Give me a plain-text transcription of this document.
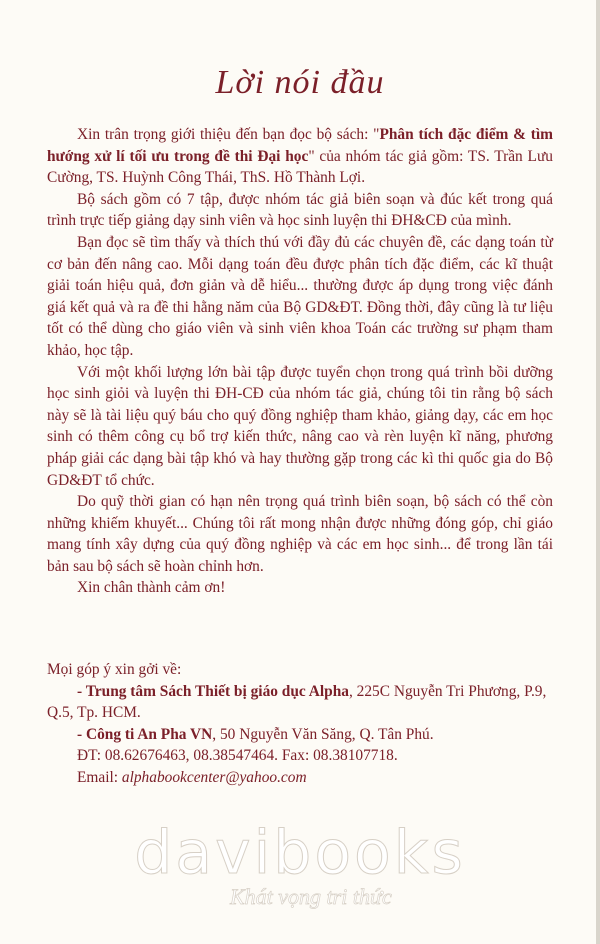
Lời nói đầu

Xin trân trọng giới thiệu đến bạn đọc bộ sách: "Phân tích đặc điểm & tìm hướng xử lí tối ưu trong đề thi Đại học" của nhóm tác giả gồm: TS. Trần Lưu Cường, TS. Huỳnh Công Thái, ThS. Hồ Thành Lợi.

Bộ sách gồm có 7 tập, được nhóm tác giả biên soạn và đúc kết trong quá trình trực tiếp giảng dạy sinh viên và học sinh luyện thi ĐH&CĐ của mình.

Bạn đọc sẽ tìm thấy và thích thú với đầy đủ các chuyên đề, các dạng toán từ cơ bản đến nâng cao. Mỗi dạng toán đều được phân tích đặc điểm, các kĩ thuật giải toán hiệu quả, đơn giản và dễ hiểu... thường được áp dụng trong việc đánh giá kết quả và ra đề thi hằng năm của Bộ GD&ĐT. Đồng thời, đây cũng là tư liệu tốt có thể dùng cho giáo viên và sinh viên khoa Toán các trường sư phạm tham khảo, học tập.

Với một khối lượng lớn bài tập được tuyển chọn trong quá trình bồi dưỡng học sinh giỏi và luyện thi ĐH-CĐ của nhóm tác giả, chúng tôi tin rằng bộ sách này sẽ là tài liệu quý báu cho quý đồng nghiệp tham khảo, giảng dạy, các em học sinh có thêm công cụ bổ trợ kiến thức, nâng cao và rèn luyện kĩ năng, phương pháp giải các dạng bài tập khó và hay thường gặp trong các kì thi quốc gia do Bộ GD&ĐT tổ chức.

Do quỹ thời gian có hạn nên trọng quá trình biên soạn, bộ sách có thể còn những khiếm khuyết... Chúng tôi rất mong nhận được những đóng góp, chỉ giáo mang tính xây dựng của quý đồng nghiệp và các em học sinh... để trong lần tái bản sau bộ sách sẽ hoàn chỉnh hơn.

Xin chân thành cảm ơn!

Mọi góp ý xin gởi về:

- Trung tâm Sách Thiết bị giáo dục Alpha, 225C Nguyễn Tri Phương, P.9, Q.5, Tp. HCM.

- Công ti An Pha VN, 50 Nguyễn Văn Săng, Q. Tân Phú.

ĐT: 08.62676463, 08.38547464. Fax: 08.38107718.

Email: alphabookcenter@yahoo.com

davibooks
Khát vọng tri thức
